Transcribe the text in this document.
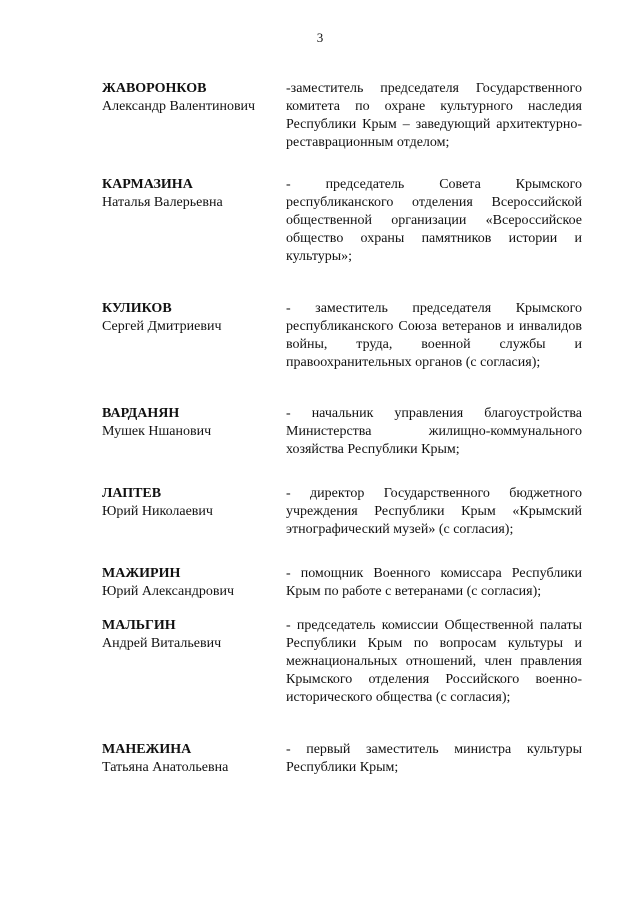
3
ЖАВОРОНКОВ
Александр Валентинович
-заместитель председателя Государственного комитета по охране культурного наследия Республики Крым – заведующий архитектурно-реставрационным отделом;
КАРМАЗИНА
Наталья Валерьевна
- председатель Совета Крымского республиканского отделения Всероссийской общественной организации «Всероссийское общество охраны памятников истории и культуры»;
КУЛИКОВ
Сергей Дмитриевич
- заместитель председателя Крымского республиканского Союза ветеранов и инвалидов войны, труда, военной службы и правоохранительных органов (с согласия);
ВАРДАНЯН
Мушек Ншанович
- начальник управления благоустройства Министерства жилищно-коммунального хозяйства Республики Крым;
ЛАПТЕВ
Юрий Николаевич
- директор Государственного бюджетного учреждения Республики Крым «Крымский этнографический музей» (с согласия);
МАЖИРИН
Юрий Александрович
- помощник Военного комиссара Республики Крым по работе с ветеранами (с согласия);
МАЛЬГИН
Андрей Витальевич
- председатель комиссии Общественной палаты Республики Крым по вопросам культуры и межнациональных отношений, член правления Крымского отделения Российского военно-исторического общества (с согласия);
МАНЕЖИНА
Татьяна Анатольевна
- первый заместитель министра культуры Республики Крым;
